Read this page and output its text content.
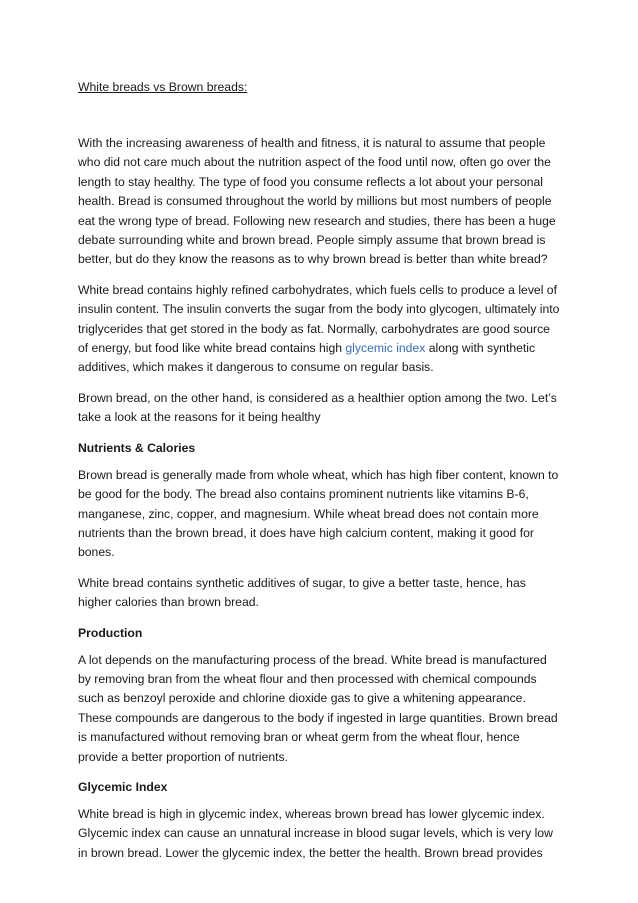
White breads vs Brown breads:

With the increasing awareness of health and fitness, it is natural to assume that people who did not care much about the nutrition aspect of the food until now, often go over the length to stay healthy. The type of food you consume reflects a lot about your personal health. Bread is consumed throughout the world by millions but most numbers of people eat the wrong type of bread. Following new research and studies, there has been a huge debate surrounding white and brown bread. People simply assume that brown bread is better, but do they know the reasons as to why brown bread is better than white bread?

White bread contains highly refined carbohydrates, which fuels cells to produce a level of insulin content. The insulin converts the sugar from the body into glycogen, ultimately into triglycerides that get stored in the body as fat. Normally, carbohydrates are good source of energy, but food like white bread contains high glycemic index along with synthetic additives, which makes it dangerous to consume on regular basis.

Brown bread, on the other hand, is considered as a healthier option among the two. Let’s take a look at the reasons for it being healthy

Nutrients & Calories

Brown bread is generally made from whole wheat, which has high fiber content, known to be good for the body. The bread also contains prominent nutrients like vitamins B-6, manganese, zinc, copper, and magnesium. While wheat bread does not contain more nutrients than the brown bread, it does have high calcium content, making it good for bones.

White bread contains synthetic additives of sugar, to give a better taste, hence, has higher calories than brown bread.

Production

A lot depends on the manufacturing process of the bread. White bread is manufactured by removing bran from the wheat flour and then processed with chemical compounds such as benzoyl peroxide and chlorine dioxide gas to give a whitening appearance. These compounds are dangerous to the body if ingested in large quantities. Brown bread is manufactured without removing bran or wheat germ from the wheat flour, hence provide a better proportion of nutrients.

Glycemic Index

White bread is high in glycemic index, whereas brown bread has lower glycemic index. Glycemic index can cause an unnatural increase in blood sugar levels, which is very low in brown bread. Lower the glycemic index, the better the health. Brown bread provides
